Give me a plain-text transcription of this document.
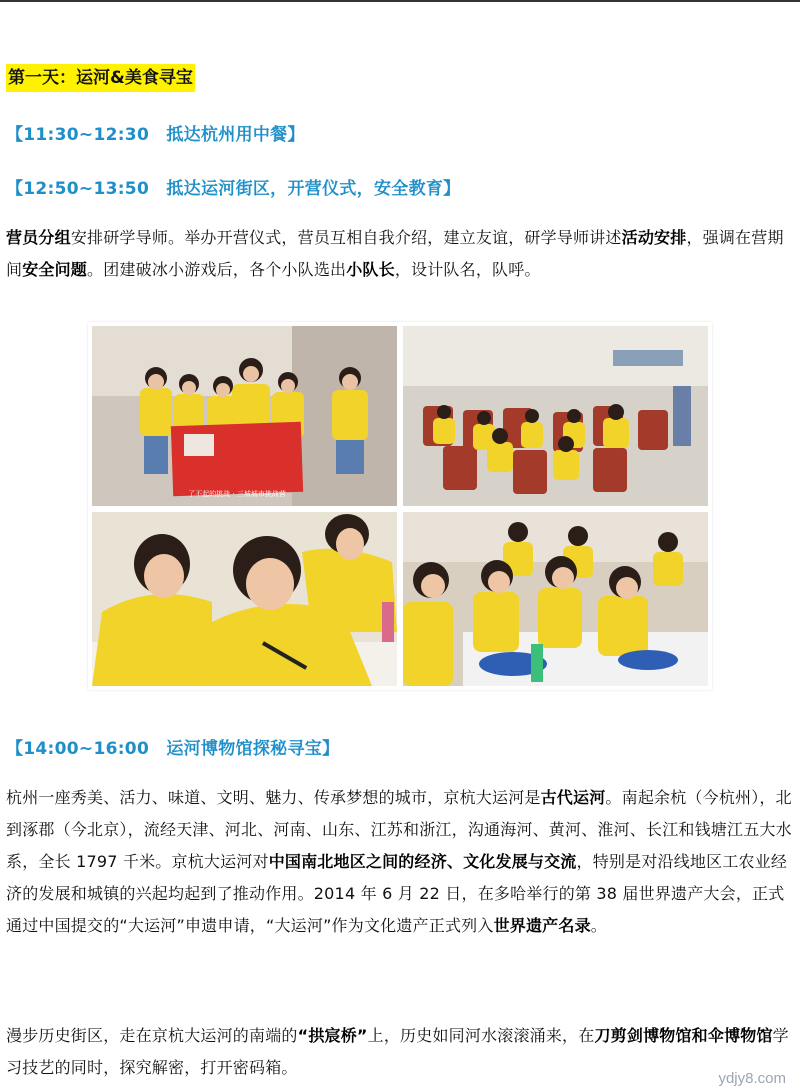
第一天：运河&美食寻宝
【11:30~12:30　抵达杭州用中餐】
【12:50~13:50　抵达运河街区，开营仪式，安全教育】
营员分组安排研学导师。举办开营仪式，营员互相自我介绍，建立友谊，研学导师讲述活动安排，强调在营期间安全问题。团建破冰小游戏后，各个小队选出小队长，设计队名，队呼。
了不起的挑战 · 三城城市挑战营
【14:00~16:00　运河博物馆探秘寻宝】
杭州一座秀美、活力、味道、文明、魅力、传承梦想的城市，京杭大运河是古代运河。南起余杭（今杭州），北到涿郡（今北京），流经天津、河北、河南、山东、江苏和浙江，沟通海河、黄河、淮河、长江和钱塘江五大水系，全长 1797 千米。京杭大运河对中国南北地区之间的经济、文化发展与交流，特别是对沿线地区工农业经济的发展和城镇的兴起均起到了推动作用。2014 年 6 月 22 日，在多哈举行的第 38 届世界遗产大会，正式通过中国提交的“大运河”申遗申请，“大运河”作为文化遗产正式列入世界遗产名录。
漫步历史街区，走在京杭大运河的南端的“拱宸桥”上，历史如同河水滚滚涌来，在刀剪剑博物馆和伞博物馆学习技艺的同时，探究解密，打开密码箱。
ydjy8.com
